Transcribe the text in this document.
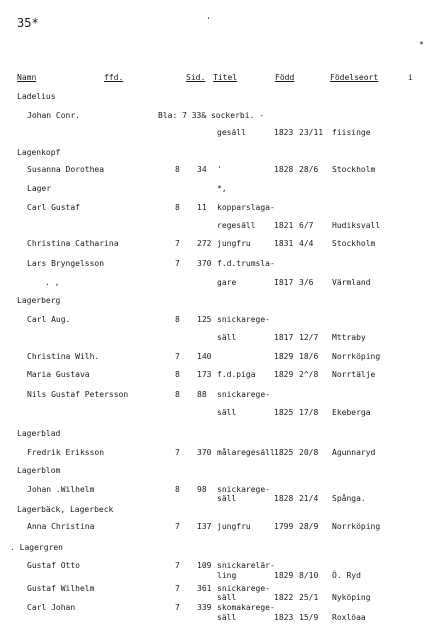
35*	'
*
Namn	ffd.	Sid. Titel	Född	Födelseort	i
Ladelius
Johan Conr.	Bla: 7 33& sockerbi. -
gesäll	1823 23/11 fiisinge
Lagenkopf
Susanna Dorothea	8 34 '	1828 28/6 Stockholm
Lager	*,
Carl Gustaf	8 11 kopparslaga-
regesäll 1821 6/7 Hudiksvall
Christina Catharina	7 272 jungfru	1831 4/4 Stockholm
Lars Bryngelsson	7 370 f.d.trumsla-
. ,	gare	I817 3/6 Värmland
Lagerberg
Carl Aug.	8 125 snickarege-
säll	1817 12/7 Mttraby
Christina Wilh.	7 140	1829 18/6 Norrköping
Maria Gustava	8 173 f.d.piga 1829 2^/8 Norrtälje
Nils Gustaf Petersson	8 88 snickarege-
säll	1825 17/8 Ekeberga
Lagerblad
Fredrik Eriksson	7 370 målaregesäll 1825 20/8 Agunnaryd
Lagerblom
Johan .Wilhelm	8 98 snickarege-
säll	1828 21/4 Spånga.
Lagerbäck, Lagerbeck
Anna Christina	7 I37 jungfru	1799 28/9 Norrköping
. Lagergren
Gustaf Otto	7 109 snickarelär-
ling	1829 8/10 Ö. Ryd
Gustaf Wilhelm	7 361 snickarege-
säll	1822 25/1 Nyköping
Carl Johan	7 339 skomakarege-
säll	1823 15/9 Roxlöaa
